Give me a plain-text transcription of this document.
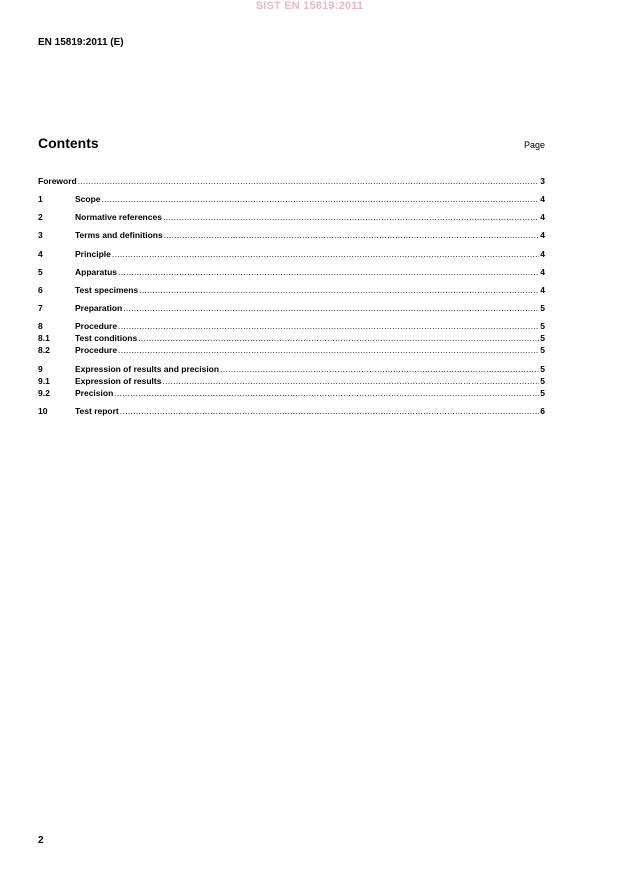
SIST EN 15819:2011
EN 15819:2011 (E)
Contents	Page
Foreword .....	3
1	Scope .....	4
2	Normative references .....	4
3	Terms and definitions .....	4
4	Principle .....	4
5	Apparatus .....	4
6	Test specimens .....	4
7	Preparation .....	5
8	Procedure .....	5
8.1	Test conditions .....	5
8.2	Procedure .....	5
9	Expression of results and precision .....	5
9.1	Expression of results .....	5
9.2	Precision .....	5
10	Test report .....	6
2
